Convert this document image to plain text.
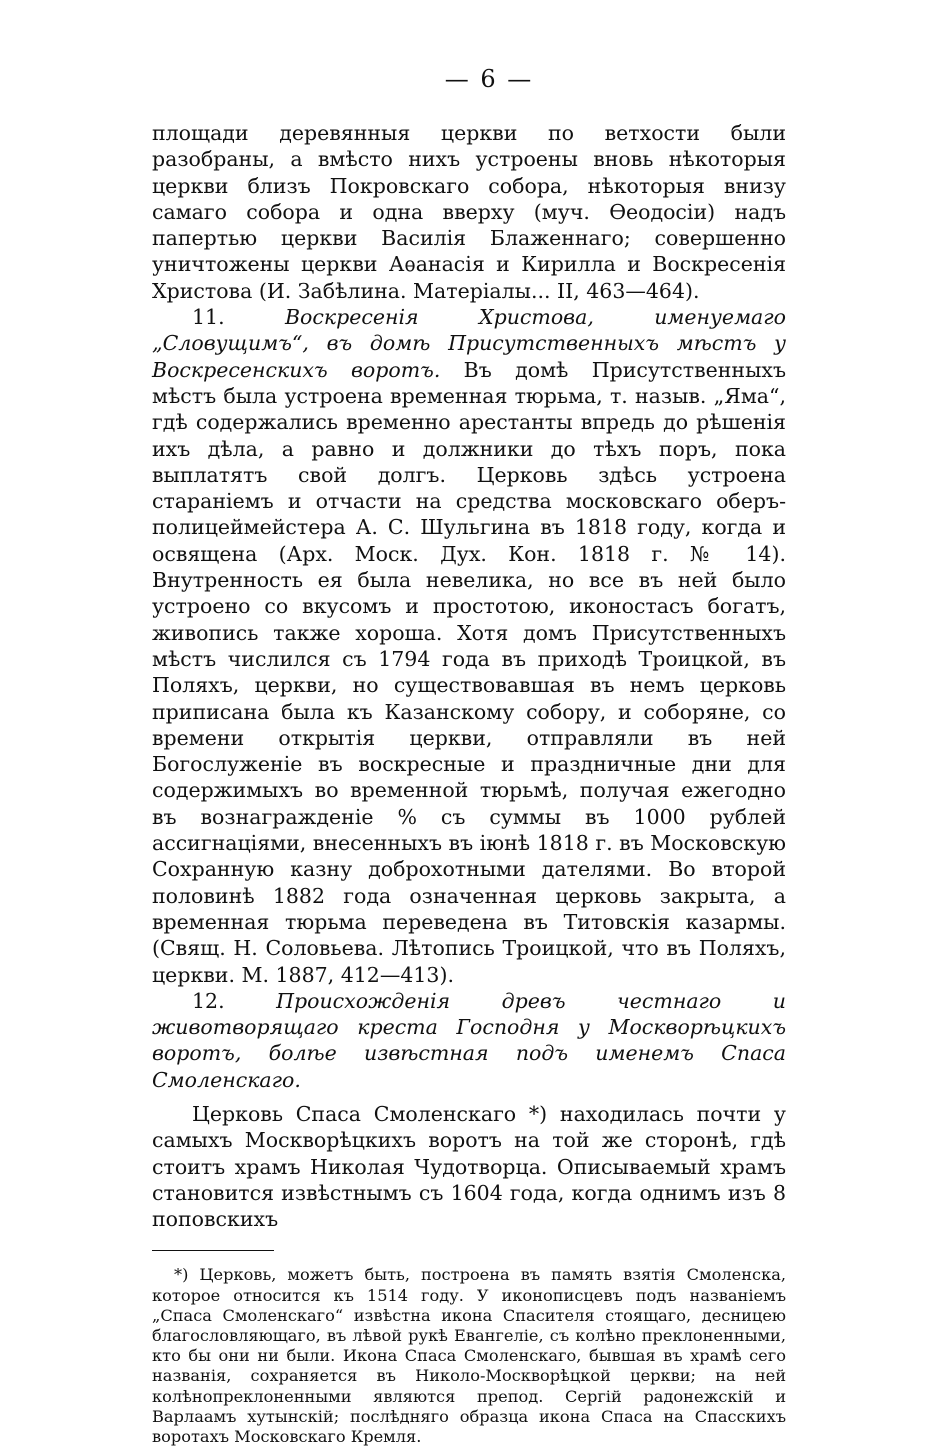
— 6 —

площади деревянныя церкви по ветхости были разобраны, а вмѣсто нихъ устроены вновь нѣкоторыя церкви близъ Покровскаго собора, нѣкоторыя внизу самаго собора и одна вверху (муч. Ѳеодосіи) надъ папертью церкви Василія Блаженнаго; совершенно уничтожены церкви Аѳанасія и Кирилла и Воскресенія Христова (И. Забѣлина. Матеріалы... II, 463—464).

11.	Воскресенія Христова, именуемаго „Словущимъ“, въ домѣ Присутственныхъ мѣстъ у Воскресенскихъ воротъ. Въ домѣ Присутственныхъ мѣстъ была устроена временная тюрьма, т. назыв. „Яма“, гдѣ содержались временно арестанты впредь до рѣшенія ихъ дѣла, а равно и должники до тѣхъ поръ, пока выплатятъ свой долгъ. Церковь здѣсь устроена стараніемъ и отчасти на средства московскаго оберъ-полицеймейстера А. С. Шульгина въ 1818 году, когда и освящена (Арх. Моск. Дух. Кон. 1818 г. № 14). Внутренность ея была невелика, но все въ ней было устроено со вкусомъ и простотою, иконостасъ богатъ, живопись также хороша. Хотя домъ Присутственныхъ мѣстъ числился съ 1794 года въ приходѣ Троицкой, въ Поляхъ, церкви, но существовавшая въ немъ церковь приписана была къ Казанскому собору, и соборяне, со времени открытія церкви, отправляли въ ней Богослуженіе въ воскресные и праздничные дни для содержимыхъ во временной тюрьмѣ, получая ежегодно въ вознагражденіе % съ суммы въ 1000 рублей ассигнаціями, внесенныхъ въ іюнѣ 1818 г. въ Московскую Сохранную казну доброхотными дателями. Во второй половинѣ 1882 года означенная церковь закрыта, а временная тюрьма переведена въ Титовскія казармы. (Свящ. Н. Соловьева. Лѣтопись Троицкой, что въ Поляхъ, церкви. М. 1887, 412—413).

12.	Происхожденія древъ честнаго и животворящаго креста Господня у Москворѣцкихъ воротъ, болѣе извѣстная подъ именемъ Спаса Смоленскаго.

Церковь Спаса Смоленскаго *) находилась почти у самыхъ Москворѣцкихъ воротъ на той же сторонѣ, гдѣ стоитъ храмъ Николая Чудотворца. Описываемый храмъ становится извѣстнымъ съ 1604 года, когда однимъ изъ 8 поповскихъ

*) Церковь, можетъ быть, построена въ память взятія Смоленска, которое относится къ 1514 году. У иконописцевъ подъ названіемъ „Спаса Смоленскаго“ извѣстна икона Спасителя стоящаго, десницею благословляющаго, въ лѣвой рукѣ Евангеліе, съ колѣно преклоненными, кто бы они ни были. Икона Спаса Смоленскаго, бывшая въ храмѣ сего названія, сохраняется въ Николо-Москворѣцкой церкви; на ней колѣнопреклоненными являются препод. Сергій радонежскій и Варлаамъ хутынскій; послѣдняго образца икона Спаса на Спасскихъ воротахъ Московскаго Кремля.
